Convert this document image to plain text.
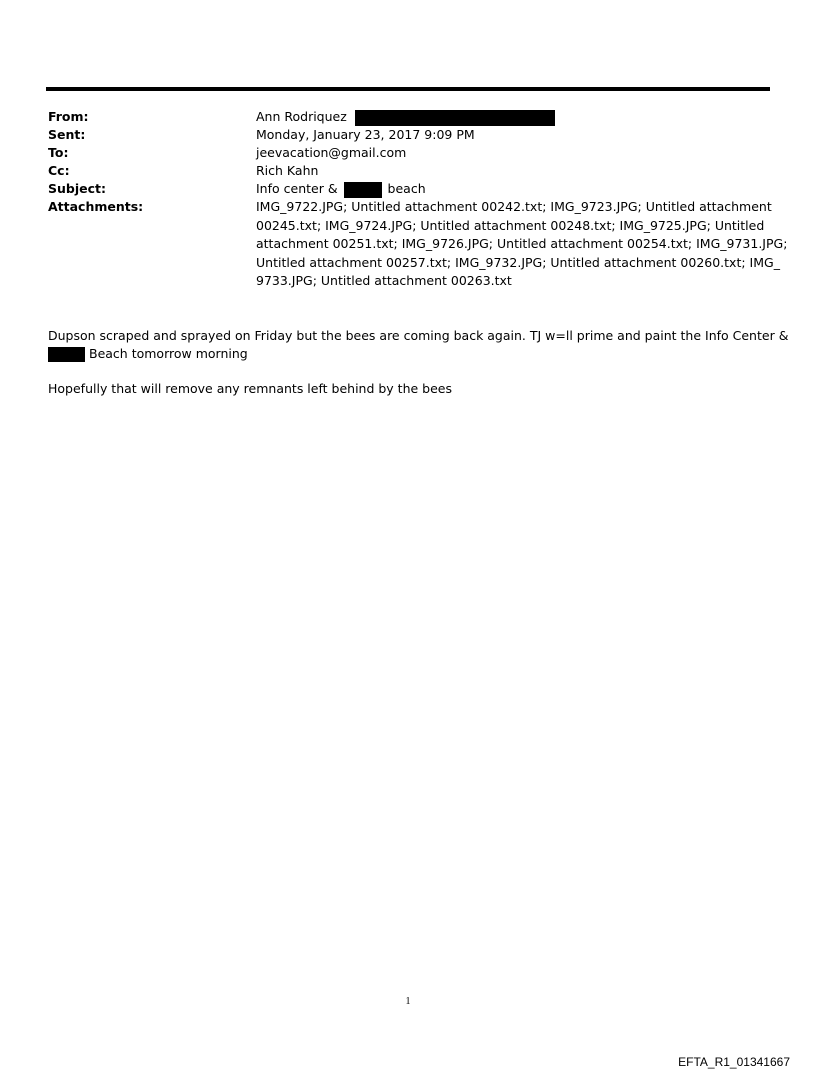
From:	Ann Rodriquez
Sent:	Monday, January 23, 2017 9:09 PM
To:	jeevacation@gmail.com
Cc:	Rich Kahn
Subject:	Info center &	beach
Attachments:	IMG_9722.JPG; Untitled attachment 00242.txt; IMG_9723.JPG; Untitled attachment
00245.txt; IMG_9724.JPG; Untitled attachment 00248.txt; IMG_9725.JPG; Untitled
attachment 00251.txt; IMG_9726.JPG; Untitled attachment 00254.txt; IMG_9731.JPG;
Untitled attachment 00257.txt; IMG_9732.JPG; Untitled attachment 00260.txt; IMG_
9733.JPG; Untitled attachment 00263.txt
Dupson scraped and sprayed on Friday but the bees are coming back again. TJ w=ll prime and paint the Info Center &
Beach tomorrow morning
Hopefully that will remove any remnants left behind by the bees
1
EFTA_R1_01341667
